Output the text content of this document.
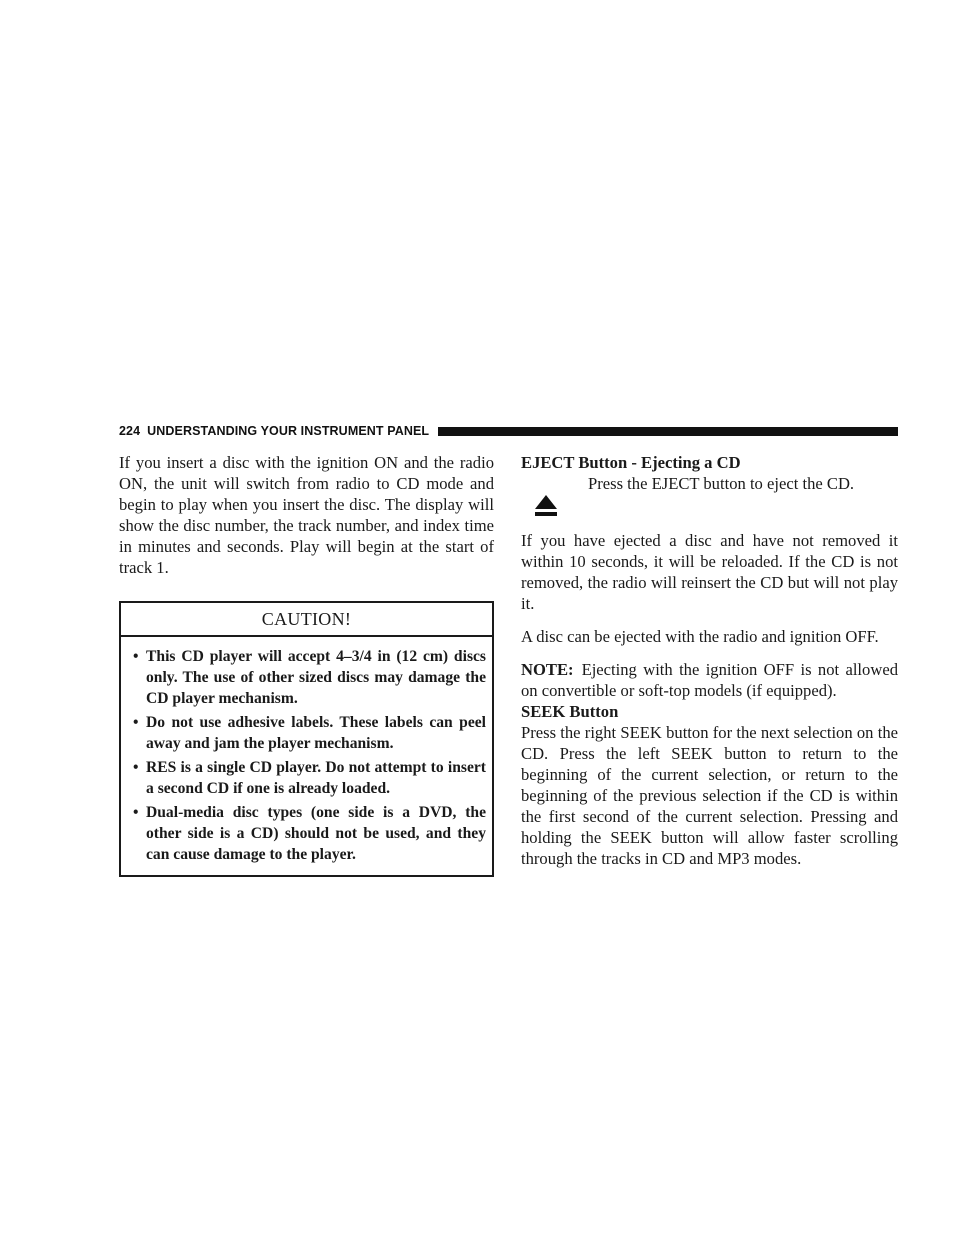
224 UNDERSTANDING YOUR INSTRUMENT PANEL

If you insert a disc with the ignition ON and the radio ON, the unit will switch from radio to CD mode and begin to play when you insert the disc. The display will show the disc number, the track number, and index time in minutes and seconds. Play will begin at the start of track 1.

CAUTION!
• This CD player will accept 4–3/4 in (12 cm) discs only. The use of other sized discs may damage the CD player mechanism.
• Do not use adhesive labels. These labels can peel away and jam the player mechanism.
• RES is a single CD player. Do not attempt to insert a second CD if one is already loaded.
• Dual-media disc types (one side is a DVD, the other side is a CD) should not be used, and they can cause damage to the player.

EJECT Button - Ejecting a CD

Press the EJECT button to eject the CD.

If you have ejected a disc and have not removed it within 10 seconds, it will be reloaded. If the CD is not removed, the radio will reinsert the CD but will not play it.

A disc can be ejected with the radio and ignition OFF.

NOTE: Ejecting with the ignition OFF is not allowed on convertible or soft-top models (if equipped).

SEEK Button

Press the right SEEK button for the next selection on the CD. Press the left SEEK button to return to the beginning of the current selection, or return to the beginning of the previous selection if the CD is within the first second of the current selection. Pressing and holding the SEEK button will allow faster scrolling through the tracks in CD and MP3 modes.
